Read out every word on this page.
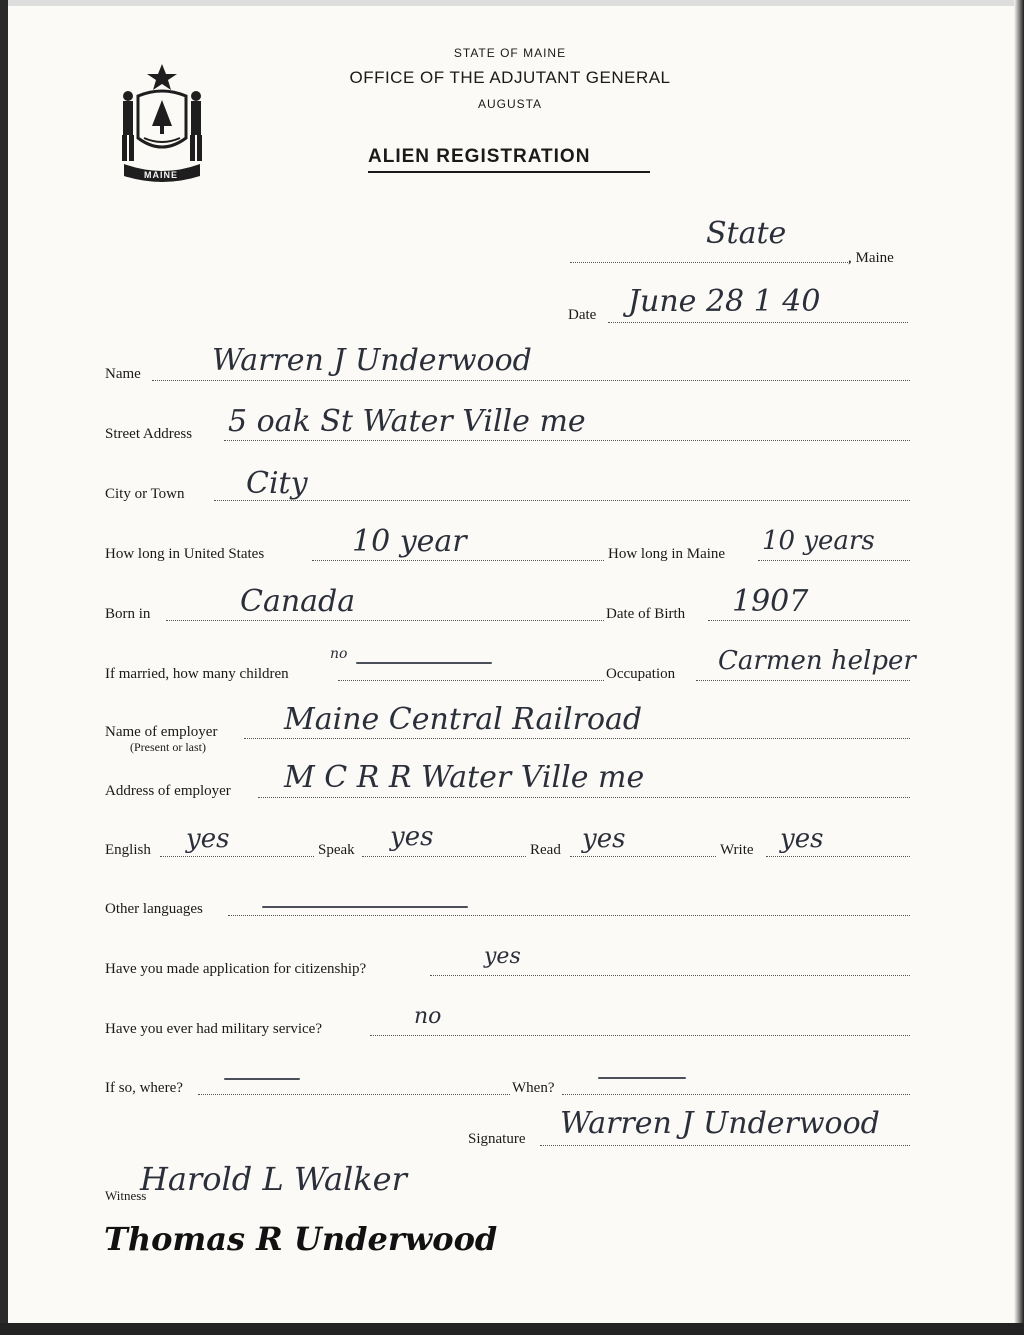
MAINE
STATE OF MAINE
OFFICE OF THE ADJUTANT GENERAL
AUGUSTA
ALIEN REGISTRATION
State
, Maine
Date June 28 1 40
Name Warren J Underwood
Street Address 5 oak St Water Ville me
City or Town City
How long in United States	10 year	How long in Maine 10 years
Born in	Canada	Date of Birth 1907
If married, how many children
no
Occupation Carmen helper
Name of employer
(Present or last)
Maine Central Railroad
Address of employer M C R R Water Ville me
English yes	Speak yes	Read yes	Write yes
Other languages
Have you made application for citizenship?	yes
Have you ever had military service?	no
If so, where?	When?
Signature Warren J Underwood
Witness
Harold L Walker
Thomas R Underwood
